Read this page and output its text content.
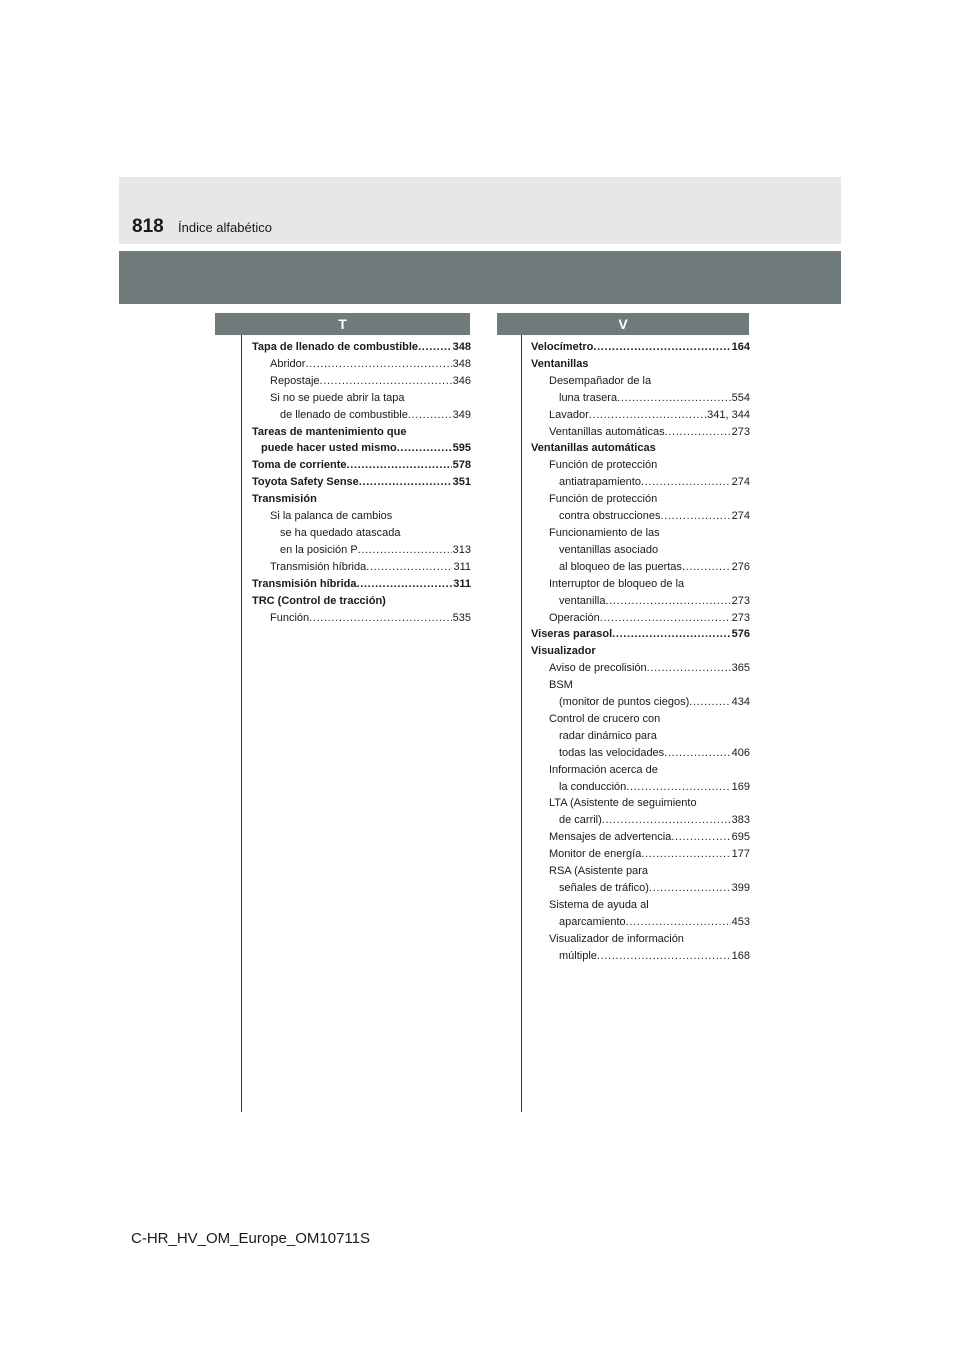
818 Índice alfabético
T	V
Tapa de llenado de combustible . . .	348
Abridor . . .	348
Repostaje . . .	346
Si no se puede abrir la tapa
de llenado de combustible . . .	349
Tareas de mantenimiento que
puede hacer usted mismo . . .	595
Toma de corriente . . .	578
Toyota Safety Sense . . .	351
Transmisión
Si la palanca de cambios
se ha quedado atascada
en la posición P . . .	313
Transmisión híbrida . . .	311
Transmisión híbrida . . .	311
TRC (Control de tracción)
Función . . .	535
Velocímetro . . .	164
Ventanillas
Desempañador de la
luna trasera . . .	554
Lavador . . .	341, 344
Ventanillas automáticas . . .	273
Ventanillas automáticas
Función de protección
antiatrapamiento . . .	274
Función de protección
contra obstrucciones . . .	274
Funcionamiento de las
ventanillas asociado
al bloqueo de las puertas . . .	276
Interruptor de bloqueo de la
ventanilla . . .	273
Operación . . .	273
Viseras parasol . . .	576
Visualizador
Aviso de precolisión . . .	365
BSM
(monitor de puntos ciegos) . . .	434
Control de crucero con
radar dinámico para
todas las velocidades . . .	406
Información acerca de
la conducción . . .	169
LTA (Asistente de seguimiento
de carril) . . .	383
Mensajes de advertencia . . .	695
Monitor de energía . . .	177
RSA (Asistente para
señales de tráfico) . . .	399
Sistema de ayuda al
aparcamiento . . .	453
Visualizador de información
múltiple . . .	168
C-HR_HV_OM_Europe_OM10711S
